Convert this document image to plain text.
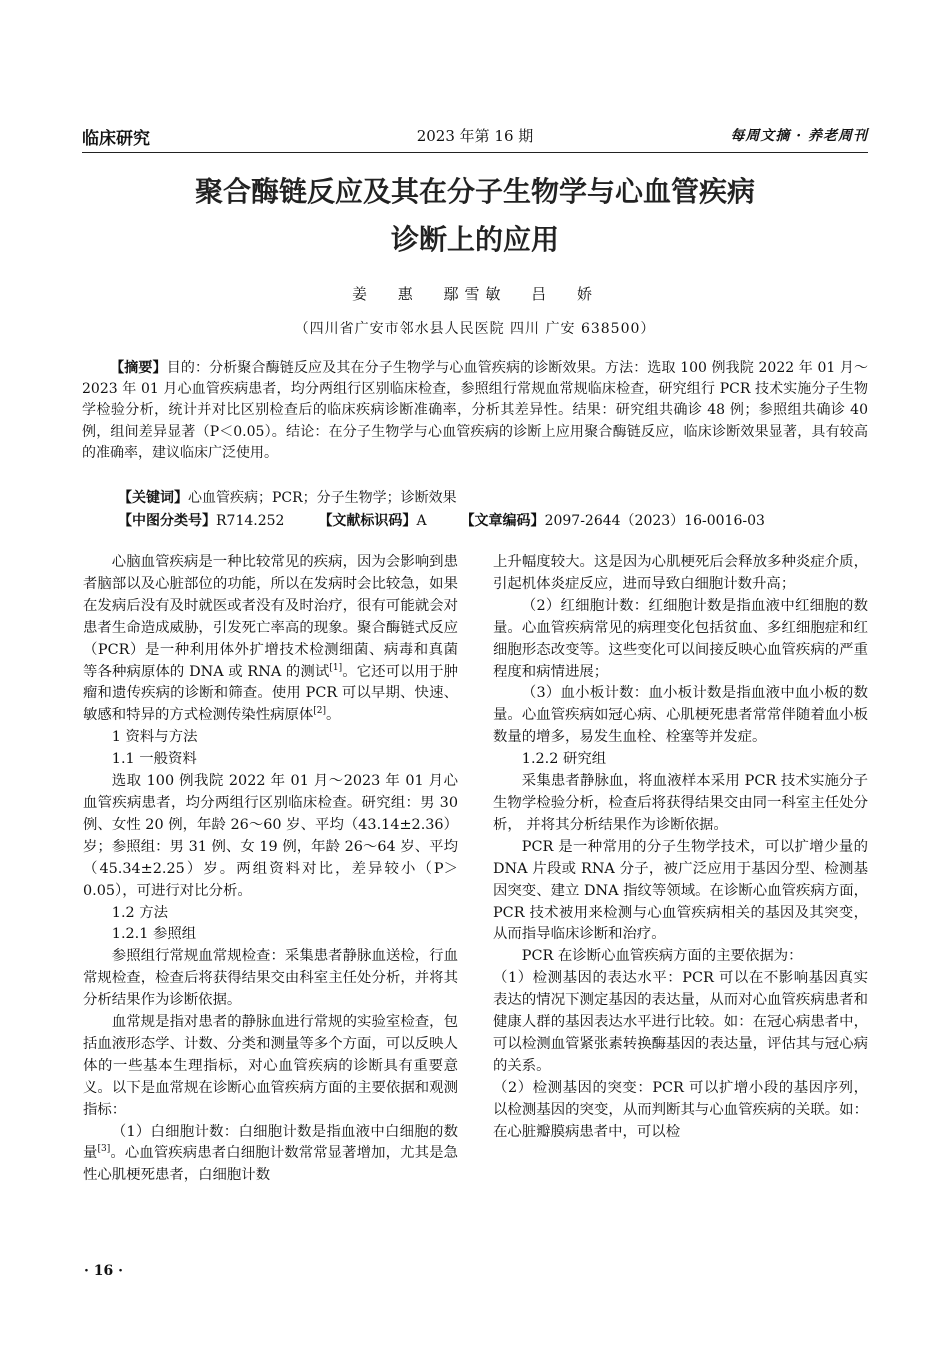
临床研究	2023 年第 16 期	每周文摘 · 养老周刊
聚合酶链反应及其在分子生物学与心血管疾病
诊断上的应用
姜 惠 鄢雪敏 吕 娇
（四川省广安市邻水县人民医院 四川 广安 638500）
【摘要】目的：分析聚合酶链反应及其在分子生物学与心血管疾病的诊断效果。方法：选取 100 例我院 2022 年 01 月～2023 年 01 月心血管疾病患者，均分两组行区别临床检查，参照组行常规血常规临床检查，研究组行 PCR 技术实施分子生物学检验分析，统计并对比区别检查后的临床疾病诊断准确率，分析其差异性。结果：研究组共确诊 48 例；参照组共确诊 40 例，组间差异显著（P＜0.05）。结论：在分子生物学与心血管疾病的诊断上应用聚合酶链反应，临床诊断效果显著，具有较高的准确率，建议临床广泛使用。
【关键词】心血管疾病；PCR；分子生物学；诊断效果
【中图分类号】R714.252 【文献标识码】A 【文章编码】2097-2644（2023）16-0016-03

心脑血管疾病是一种比较常见的疾病，因为会影响到患者脑部以及心脏部位的功能，所以在发病时会比较急，如果在发病后没有及时就医或者没有及时治疗，很有可能就会对患者生命造成威胁，引发死亡率高的现象。聚合酶链式反应（PCR）是一种利用体外扩增技术检测细菌、病毒和真菌等各种病原体的 DNA 或 RNA 的测试[1]。它还可以用于肿瘤和遗传疾病的诊断和筛查。使用 PCR 可以早期、快速、敏感和特异的方式检测传染性病原体[2]。

1 资料与方法

1.1 一般资料

选取 100 例我院 2022 年 01 月～2023 年 01 月心血管疾病患者，均分两组行区别临床检查。研究组：男 30 例、女性 20 例，年龄 26～60 岁、平均（43.14±2.36）岁；参照组：男 31 例、女 19 例，年龄 26～64 岁、平均（45.34±2.25）岁。两组资料对比，差异较小（P＞0.05），可进行对比分析。

1.2 方法

1.2.1 参照组

参照组行常规血常规检查：采集患者静脉血送检，行血常规检查，检查后将获得结果交由科室主任处分析，并将其分析结果作为诊断依据。

血常规是指对患者的静脉血进行常规的实验室检查，包括血液形态学、计数、分类和测量等多个方面，可以反映人体的一些基本生理指标，对心血管疾病的诊断具有重要意义。以下是血常规在诊断心血管疾病方面的主要依据和观测指标：

（1）白细胞计数：白细胞计数是指血液中白细胞的数量[3]。心血管疾病患者白细胞计数常常显著增加，尤其是急性心肌梗死患者，白细胞计数

上升幅度较大。这是因为心肌梗死后会释放多种炎症介质，引起机体炎症反应，进而导致白细胞计数升高；

（2）红细胞计数：红细胞计数是指血液中红细胞的数量。心血管疾病常见的病理变化包括贫血、多红细胞症和红细胞形态改变等。这些变化可以间接反映心血管疾病的严重程度和病情进展；

（3）血小板计数：血小板计数是指血液中血小板的数量。心血管疾病如冠心病、心肌梗死患者常常伴随着血小板数量的增多，易发生血栓、栓塞等并发症。

1.2.2 研究组

采集患者静脉血，将血液样本采用 PCR 技术实施分子生物学检验分析，检查后将获得结果交由同一科室主任处分析， 并将其分析结果作为诊断依据。

PCR 是一种常用的分子生物学技术，可以扩增少量的 DNA 片段或 RNA 分子，被广泛应用于基因分型、检测基因突变、建立 DNA 指纹等领域。在诊断心血管疾病方面，PCR 技术被用来检测与心血管疾病相关的基因及其突变，从而指导临床诊断和治疗。

PCR 在诊断心血管疾病方面的主要依据为：

（1）检测基因的表达水平：PCR 可以在不影响基因真实表达的情况下测定基因的表达量，从而对心血管疾病患者和健康人群的基因表达水平进行比较。如：在冠心病患者中，可以检测血管紧张素转换酶基因的表达量，评估其与冠心病的关系。

（2）检测基因的突变：PCR 可以扩增小段的基因序列，以检测基因的突变，从而判断其与心血管疾病的关联。如：在心脏瓣膜病患者中，可以检

· 16 ·
